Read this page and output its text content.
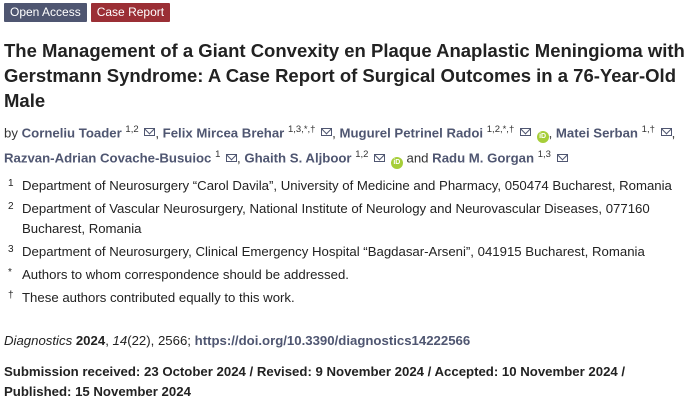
Open Access	Case Report
The Management of a Giant Convexity en Plaque Anaplastic Meningioma with Gerstmann Syndrome: A Case Report of Surgical Outcomes in a 76-Year-Old Male
by Corneliu Toader $^{1,2}$ , Felix Mircea Brehar $^{1,3,*,\dagger}$ , Mugurel Petrinel Radoi $^{1,2,*,\dagger}$  iD , Matei Serban $^{1,\dagger}$ , Razvan-Adrian Covache-Busuioc $^1$ , Ghaith S. Aljboor $^{1,2}$  iD and Radu M. Gorgan $^{1,3}$
1 Department of Neurosurgery “Carol Davila”, University of Medicine and Pharmacy, 050474 Bucharest, Romania
2 Department of Vascular Neurosurgery, National Institute of Neurology and Neurovascular Diseases, 077160 Bucharest, Romania
3 Department of Neurosurgery, Clinical Emergency Hospital “Bagdasar-Arseni”, 041915 Bucharest, Romania
* Authors to whom correspondence should be addressed.
† These authors contributed equally to this work.
Diagnostics 2024, 14(22), 2566; https://doi.org/10.3390/diagnostics14222566
Submission received: 23 October 2024 / Revised: 9 November 2024 / Accepted: 10 November 2024 / Published: 15 November 2024
